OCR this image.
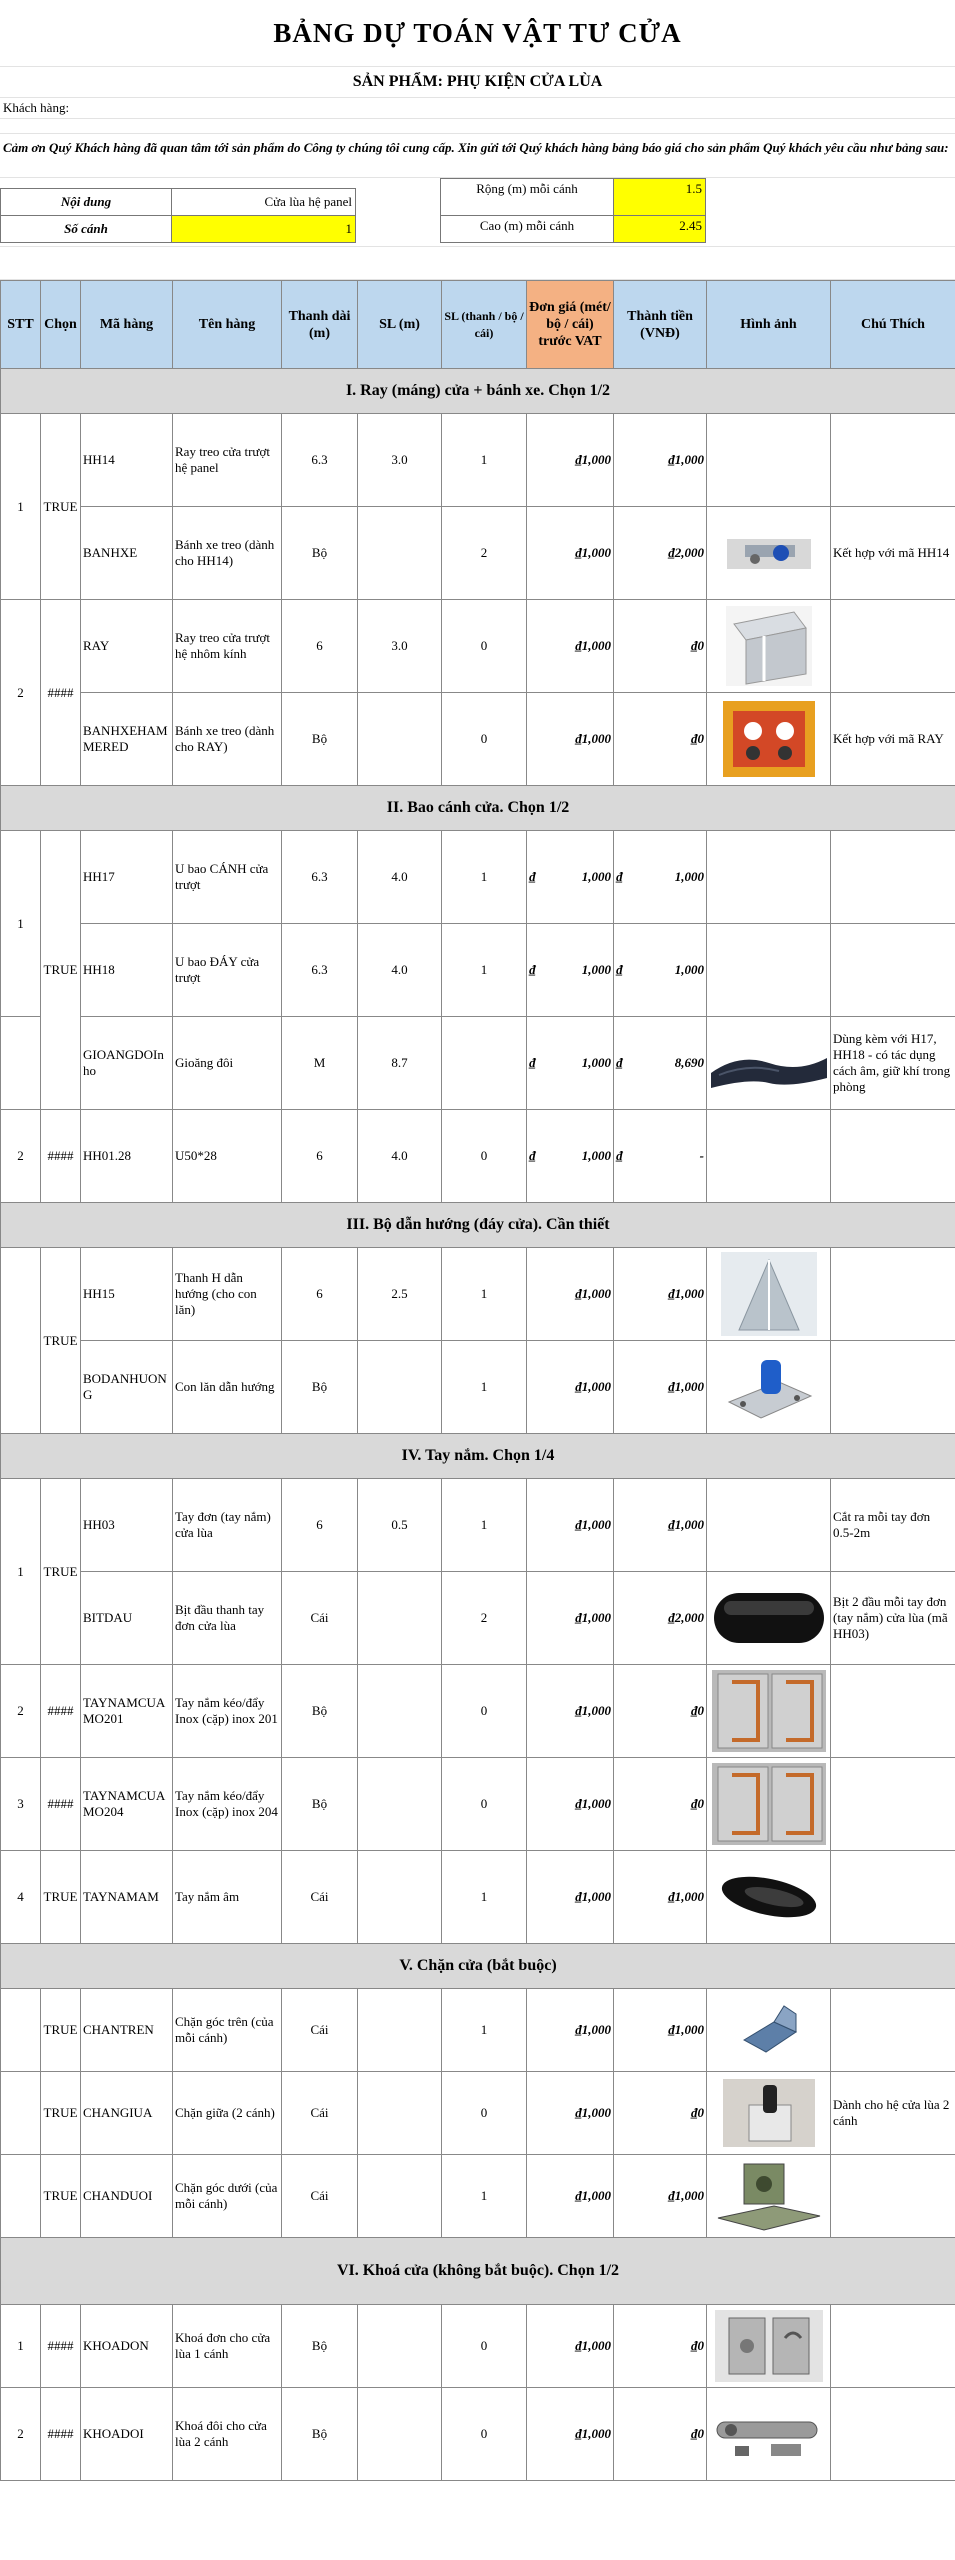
BẢNG DỰ TOÁN VẬT TƯ CỬA
SẢN PHẨM: PHỤ KIỆN CỬA LÙA
Khách hàng:
Cảm ơn Quý Khách hàng đã quan tâm tới sản phẩm do Công ty chúng tôi cung cấp. Xin gửi tới Quý khách hàng bảng báo giá cho sản phẩm Quý khách yêu cầu như bảng sau:
Nội dung	Cửa lùa hệ panel
Số cánh	1
Rộng (m) mỗi cánh	1.5
Cao (m) mỗi cánh	2.45
STT	Chọn	Mã hàng	Tên hàng	Thanh dài (m)	SL (m)	SL (thanh / bộ / cái)	Đơn giá (mét/ bộ / cái) trước VAT	Thành tiền (VNĐ)	Hình ảnh	Chú Thích
I. Ray (máng) cửa + bánh xe. Chọn 1/2										
1	TRUE	HH14	Ray treo cửa trượt hệ panel	6.3	3.0	1	₫1,000	₫1,000		
		BANHXE	Bánh xe treo (dành cho HH14)	Bộ		2	₫1,000	₫2,000		Kết hợp với mã HH14
2	####	RAY	Ray treo cửa trượt hệ nhôm kính	6	3.0	0	₫1,000	₫0	

		BANHXEHAMMERED	Bánh xe treo (dành cho RAY)	Bộ		0	₫1,000	₫0		Kết hợp với mã RAY
II. Bao cánh cửa. Chọn 1/2										
1	TRUE	HH17	U bao CÁNH cửa trượt	6.3	4.0	1	₫ 1,000	₫ 1,000		

		HH18	U bao ĐÁY cửa trượt	6.3	4.0	1	₫ 1,000	₫ 1,000		

		GIOANGDOInho	Gioăng đôi	M	8.7		₫ 1,000	₫ 8,690		Dùng kèm với H17, HH18 - có tác dụng cách âm, giữ khí trong phòng
2	####	HH01.28	U50*28	6	4.0	0	₫ 1,000	₫ -		

III. Bộ dẫn hướng (đáy cửa). Cần thiết										
	TRUE	HH15	Thanh H dẫn hướng (cho con lăn)	6	2.5	1	₫1,000	₫1,000	

		BODANHUONG	Con lăn dẫn hướng	Bộ		1	₫1,000	₫1,000	

IV. Tay nắm. Chọn 1/4										
1	TRUE	HH03	Tay đơn (tay nắm) cửa lùa	6	0.5	1	₫1,000	₫1,000		Cắt ra mỗi tay đơn 0.5-2m
		BITDAU	Bịt đầu thanh tay đơn cửa lùa	Cái		2	₫1,000	₫2,000		Bịt 2 đầu mỗi tay đơn (tay nắm) cửa lùa (mã HH03)
2	####	TAYNAMCUAMO201	Tay nắm kéo/đẩy Inox (cặp) inox 201	Bộ		0	₫1,000	₫0	

3	####	TAYNAMCUAMO204	Tay nắm kéo/đẩy Inox (cặp) inox 204	Bộ		0	₫1,000	₫0	

4	TRUE	TAYNAMAM	Tay nắm âm	Cái		1	₫1,000	₫1,000	

V. Chặn cửa (bắt buộc)										
	TRUE	CHANTREN	Chặn góc trên (của mỗi cánh)	Cái		1	₫1,000	₫1,000	

	TRUE	CHANGIUA	Chặn giữa (2 cánh)	Cái		0	₫1,000	₫0		Dành cho hệ cửa lùa 2 cánh
	TRUE	CHANDUOI	Chặn góc dưới (của mỗi cánh)	Cái		1	₫1,000	₫1,000	

VI. Khoá cửa (không bắt buộc). Chọn 1/2										
1	####	KHOADON	Khoá đơn cho cửa lùa 1 cánh	Bộ		0	₫1,000	₫0	

2	####	KHOADOI	Khoá đôi cho cửa lùa 2 cánh	Bộ		0	₫1,000	₫0	
